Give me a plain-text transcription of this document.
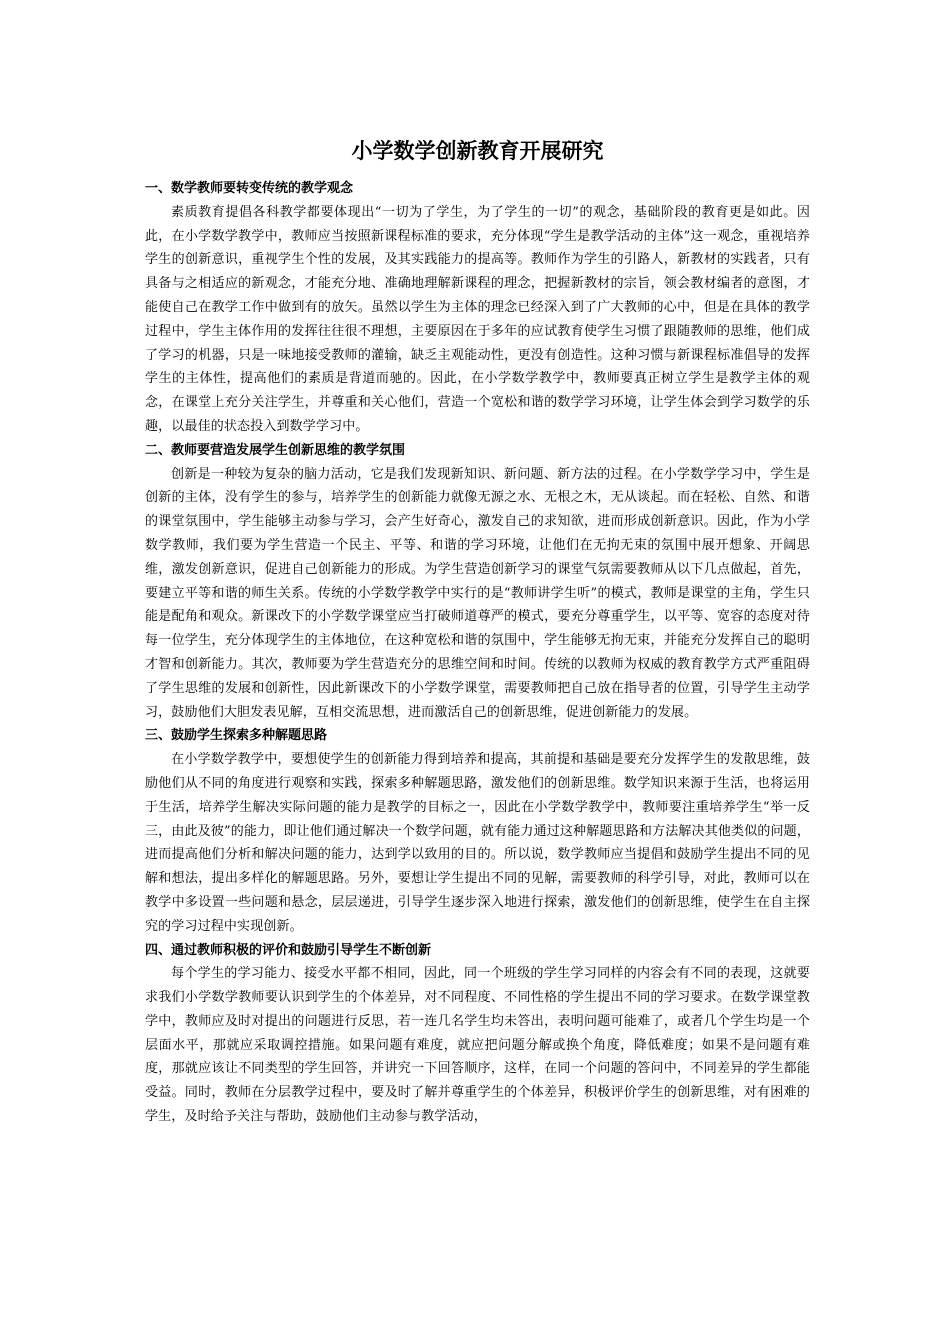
小学数学创新教育开展研究
一、数学教师要转变传统的教学观念

素质教育提倡各科教学都要体现出“一切为了学生，为了学生的一切”的观念，基础阶段的教育更是如此。因此，在小学数学教学中，教师应当按照新课程标准的要求，充分体现“学生是教学活动的主体”这一观念，重视培养学生的创新意识，重视学生个性的发展，及其实践能力的提高等。教师作为学生的引路人，新教材的实践者，只有具备与之相适应的新观念，才能充分地、准确地理解新课程的理念，把握新教材的宗旨，领会教材编者的意图，才能使自己在教学工作中做到有的放矢。虽然以学生为主体的理念已经深入到了广大教师的心中，但是在具体的教学过程中，学生主体作用的发挥往往很不理想，主要原因在于多年的应试教育使学生习惯了跟随教师的思维，他们成了学习的机器，只是一味地接受教师的灌输，缺乏主观能动性，更没有创造性。这种习惯与新课程标准倡导的发挥学生的主体性，提高他们的素质是背道而驰的。因此，在小学数学教学中，教师要真正树立学生是教学主体的观念，在课堂上充分关注学生，并尊重和关心他们，营造一个宽松和谐的数学学习环境，让学生体会到学习数学的乐趣，以最佳的状态投入到数学学习中。

二、教师要营造发展学生创新思维的教学氛围

创新是一种较为复杂的脑力活动，它是我们发现新知识、新问题、新方法的过程。在小学数学学习中，学生是创新的主体，没有学生的参与，培养学生的创新能力就像无源之水、无根之木，无从谈起。而在轻松、自然、和谐的课堂氛围中，学生能够主动参与学习，会产生好奇心，激发自己的求知欲，进而形成创新意识。因此，作为小学数学教师，我们要为学生营造一个民主、平等、和谐的学习环境，让他们在无拘无束的氛围中展开想象、开阔思维，激发创新意识，促进自己创新能力的形成。为学生营造创新学习的课堂气氛需要教师从以下几点做起，首先，要建立平等和谐的师生关系。传统的小学数学教学中实行的是“教师讲学生听”的模式，教师是课堂的主角，学生只能是配角和观众。新课改下的小学数学课堂应当打破师道尊严的模式，要充分尊重学生，以平等、宽容的态度对待每一位学生，充分体现学生的主体地位，在这种宽松和谐的氛围中，学生能够无拘无束，并能充分发挥自己的聪明才智和创新能力。其次，教师要为学生营造充分的思维空间和时间。传统的以教师为权威的教育教学方式严重阻碍了学生思维的发展和创新性，因此新课改下的小学数学课堂，需要教师把自己放在指导者的位置，引导学生主动学习，鼓励他们大胆发表见解，互相交流思想，进而激活自己的创新思维，促进创新能力的发展。

三、鼓励学生探索多种解题思路

在小学数学教学中，要想使学生的创新能力得到培养和提高，其前提和基础是要充分发挥学生的发散思维，鼓励他们从不同的角度进行观察和实践，探索多种解题思路，激发他们的创新思维。数学知识来源于生活，也将运用于生活，培养学生解决实际问题的能力是教学的目标之一，因此在小学数学教学中，教师要注重培养学生“举一反三，由此及彼”的能力，即让他们通过解决一个数学问题，就有能力通过这种解题思路和方法解决其他类似的问题，进而提高他们分析和解决问题的能力，达到学以致用的目的。所以说，数学教师应当提倡和鼓励学生提出不同的见解和想法，提出多样化的解题思路。另外，要想让学生提出不同的见解，需要教师的科学引导，对此，教师可以在教学中多设置一些问题和悬念，层层递进，引导学生逐步深入地进行探索，激发他们的创新思维，使学生在自主探究的学习过程中实现创新。

四、通过教师积极的评价和鼓励引导学生不断创新

每个学生的学习能力、接受水平都不相同，因此，同一个班级的学生学习同样的内容会有不同的表现，这就要求我们小学数学教师要认识到学生的个体差异，对不同程度、不同性格的学生提出不同的学习要求。在数学课堂教学中，教师应及时对提出的问题进行反思，若一连几名学生均未答出，表明问题可能难了，或者几个学生均是一个层面水平，那就应采取调控措施。如果问题有难度，就应把问题分解或换个角度，降低难度；如果不是问题有难度，那就应该让不同类型的学生回答，并讲究一下回答顺序，这样，在同一个问题的答问中，不同差异的学生都能受益。同时，教师在分层教学过程中，要及时了解并尊重学生的个体差异，积极评价学生的创新思维，对有困难的学生，及时给予关注与帮助，鼓励他们主动参与教学活动，
